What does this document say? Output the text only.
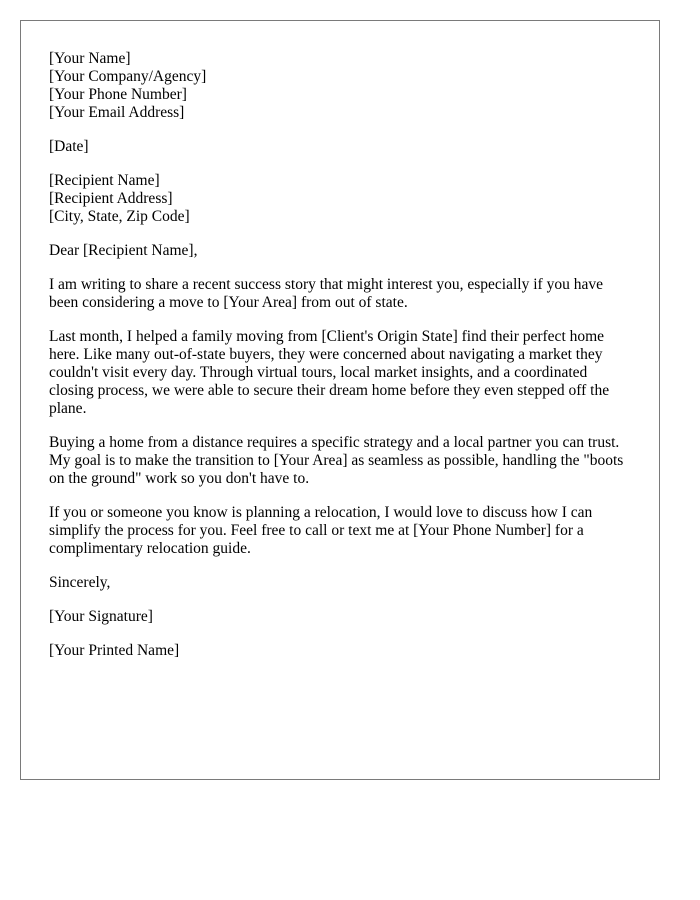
[Your Name]
[Your Company/Agency]
[Your Phone Number]
[Your Email Address]
[Date]
[Recipient Name]
[Recipient Address]
[City, State, Zip Code]

Dear [Recipient Name],

I am writing to share a recent success story that might interest you, especially if you have been considering a move to [Your Area] from out of state.

Last month, I helped a family moving from [Client's Origin State] find their perfect home here. Like many out-of-state buyers, they were concerned about navigating a market they couldn't visit every day. Through virtual tours, local market insights, and a coordinated closing process, we were able to secure their dream home before they even stepped off the plane.

Buying a home from a distance requires a specific strategy and a local partner you can trust. My goal is to make the transition to [Your Area] as seamless as possible, handling the "boots on the ground" work so you don't have to.

If you or someone you know is planning a relocation, I would love to discuss how I can simplify the process for you. Feel free to call or text me at [Your Phone Number] for a complimentary relocation guide.

Sincerely,

[Your Signature]

[Your Printed Name]
